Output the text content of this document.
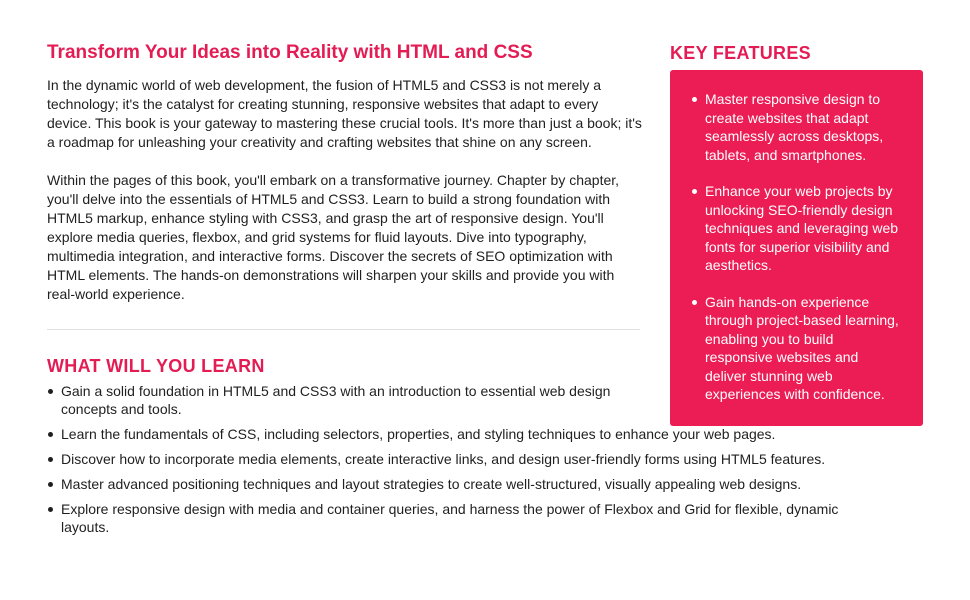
Transform Your Ideas into Reality with HTML and CSS

In the dynamic world of web development, the fusion of HTML5 and CSS3 is not merely a technology; it's the catalyst for creating stunning, responsive websites that adapt to every device. This book is your gateway to mastering these crucial tools. It's more than just a book; it's a roadmap for unleashing your creativity and crafting websites that shine on any screen.

Within the pages of this book, you'll embark on a transformative journey. Chapter by chapter, you'll delve into the essentials of HTML5 and CSS3. Learn to build a strong foundation with HTML5 markup, enhance styling with CSS3, and grasp the art of responsive design. You'll explore media queries, flexbox, and grid systems for fluid layouts. Dive into typography, multimedia integration, and interactive forms. Discover the secrets of SEO optimization with HTML elements. The hands-on demonstrations will sharpen your skills and provide you with real-world experience.

WHAT WILL YOU LEARN
Gain a solid foundation in HTML5 and CSS3 with an introduction to essential web design concepts and tools.
Learn the fundamentals of CSS, including selectors, properties, and styling techniques to enhance your web pages.
Discover how to incorporate media elements, create interactive links, and design user-friendly forms using HTML5 features.
Master advanced positioning techniques and layout strategies to create well-structured, visually appealing web designs.
Explore responsive design with media and container queries, and harness the power of Flexbox and Grid for flexible, dynamic layouts.
KEY FEATURES
Master responsive design to create websites that adapt seamlessly across desktops, tablets, and smartphones.
Enhance your web projects by unlocking SEO-friendly design techniques and leveraging web fonts for superior visibility and aesthetics.
Gain hands-on experience through project-based learning, enabling you to build responsive websites and deliver stunning web experiences with confidence.
